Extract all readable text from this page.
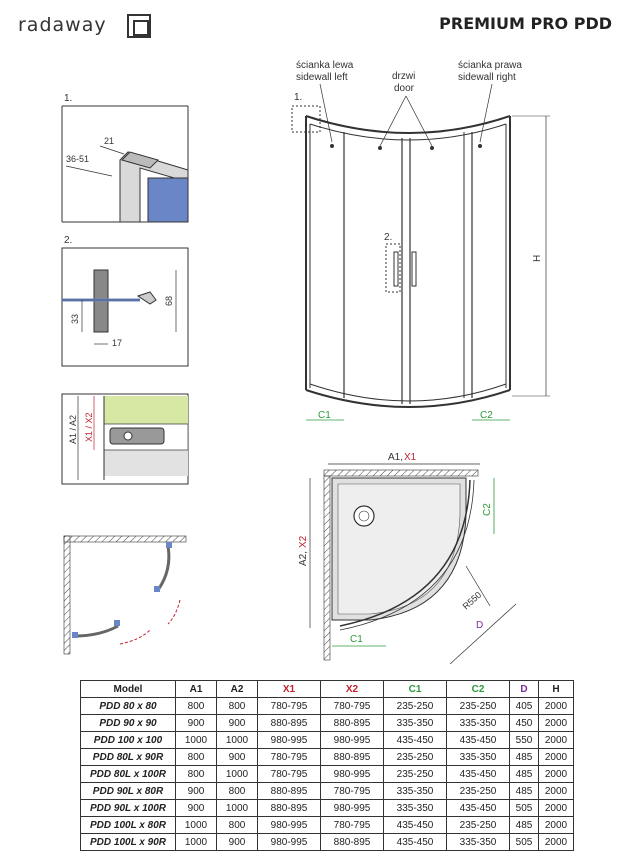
radaway	PREMIUM PRO PDD
1.
21
36-51
2.
68
33
17
A1 / A2 X1 / X2
ścianka lewa
sidewall left	drzwi
door
ścianka prawa
sidewall right
1.
2.
H
C1	C2
A1, X1
A2,
X2
C1
C2
R550
D
Model	A1	A2	X1	X2	C1	C2	D	H
PDD 80 x 80	800	800	780-795	780-795	235-250	235-250	405	2000
PDD 90 x 90	900	900	880-895	880-895	335-350	335-350	450	2000
PDD 100 x 100	1000	1000	980-995	980-995	435-450	435-450	550	2000
PDD 80L x 90R	800	900	780-795	880-895	235-250	335-350	485	2000
PDD 80L x 100R	800	1000	780-795	980-995	235-250	435-450	485	2000
PDD 90L x 80R	900	800	880-895	780-795	335-350	235-250	485	2000
PDD 90L x 100R	900	1000	880-895	980-995	335-350	435-450	505	2000
PDD 100L x 80R	1000	800	980-995	780-795	435-450	235-250	485	2000
PDD 100L x 90R	1000	900	980-995	880-895	435-450	335-350	505	2000
